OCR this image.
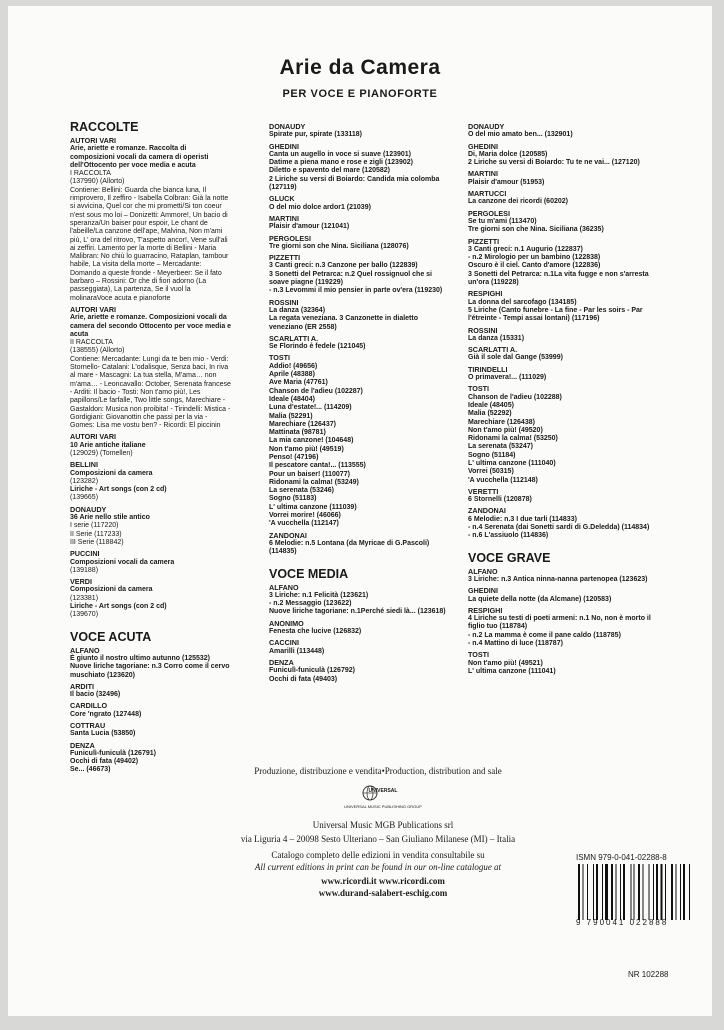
Arie da Camera
PER VOCE E PIANOFORTE
RACCOLTE
AUTORI VARI
Arie, ariette e romanze. Raccolta di composizioni vocali da camera di operisti dell'Ottocento per voce media e acuta
I RACCOLTA
(137990) (Allorto)
Contiene: Bellini: Guarda che bianca luna, Il rimprovero, Il zeffiro - Isabella Colbran: Già la notte si avvicina, Quel cor che mi prometti/Si ton coeur n'est sous mo loi – Donizetti: Ammore!, Un bacio di speranza/Un baiser pour espoir, Le chant de l'abeille/La canzone dell'ape, Malvina, Non m'ami più, L' ora del ritrovo, T'aspetto ancor!, Vene sull'ali ai zeffiri. Lamento per la morte di Bellini - Maria Malibran: No chiù lo guarracino, Rataplan, tambour habile, La visita della morte – Mercadante: Domando a queste fronde - Meyerbeer: Se il fato barbaro – Rossini: Or che di fiori adorno (La passeggiata), La partenza, Se il vuol la molinaraVoce acuta e pianoforte
AUTORI VARI
Arie, ariette e romanze. Composizioni vocali da camera del secondo Ottocento per voce media e acuta
II RACCOLTA
(138555) (Allorto)
Contiene: Mercadante: Lungi da te ben mio - Verdi: Stornello- Catalani: L'odalisque, Senza baci, In riva al mare - Mascagni: La tua stella, M'ama… non m'ama… - Leoncavallo: October, Serenata francese - Arditi: Il bacio - Tosti: Non t'amo più!, Les papillons/Le farfalle, Two little songs, Marechiare - Gastaldon: Musica non proibita! - Tirindelli: Mistica - Gordigiani: Giovanottin che passi per la via - Gomes: Lisa me vostu ben? - Ricordi: El piccinin
AUTORI VARI
10 Arie antiche italiane
(129029) (Tomellen)
BELLINI
Composizioni da camera
(123282)
Liriche - Art songs (con 2 cd)
(139665)
DONAUDY
36 Arie nello stile antico
I serie (117220)
II Serie (117233)
III Serie (118842)
PUCCINI
Composizioni vocali da camera
(139188)
VERDI
Composizioni da camera
(123381)
Liriche - Art songs (con 2 cd)
(139670)
VOCE ACUTA
ALFANO
È giunto il nostro ultimo autunno (125532)
Nuove liriche tagoriane: n.3 Corro come il cervo muschiato (123620)
ARDITI
Il bacio (32496)
CARDILLO
Core 'ngrato (127448)
COTTRAU
Santa Lucia (53850)
DENZA
Funiculì-funiculà (126791)
Occhi di fata (49402)
Se... (46673)
DONAUDY
Spirate pur, spirate (133118)
GHEDINI
Canta un augello in voce si suave (123901)
Datime a piena mano e rose e zigli (123902)
Diletto e spavento del mare (120582)
2 Liriche su versi di Boiardo: Candida mia colomba (127119)
GLUCK
O del mio dolce ardor1 (21039)
MARTINI
Plaisir d'amour (121041)
PERGOLESI
Tre giorni son che Nina. Siciliana (128076)
PIZZETTI
3 Canti greci: n.3 Canzone per ballo (122839)
3 Sonetti del Petrarca: n.2 Quel rossignuol che si soave piagne (119229)
- n.3 Levommi il mio pensier in parte ov'era (119230)
ROSSINI
La danza (32364)
La regata veneziana. 3 Canzonette in dialetto veneziano (ER 2558)
SCARLATTI A.
Se Florindo è fedele (121045)
TOSTI
Addio! (49656)
Aprile (48388)
Ave Maria (47761)
Chanson de l'adieu (102287)
Ideale (48404)
Luna d'estate!... (114209)
Malia (52291)
Marechiare (126437)
Mattinata (98781)
La mia canzone! (104648)
Non t'amo più! (49519)
Penso! (47196)
Il pescatore canta!... (113555)
Pour un baiser! (110077)
Ridonami la calma! (53249)
La serenata (53246)
Sogno (51183)
L' ultima canzone (111039)
Vorrei morire! (46066)
'A vucchella (112147)
ZANDONAI
6 Melodie: n.5 Lontana (da Myricae di G.Pascoli) (114835)
VOCE MEDIA
ALFANO
3 Liriche: n.1 Felicità (123621)
- n.2 Messaggio (123622)
Nuove liriche tagoriane: n.1Perché siedi là... (123618)
ANONIMO
Fenesta che lucive (126832)
CACCINI
Amarilli (113448)
DENZA
Funiculì-funiculà (126792)
Occhi di fata (49403)
DONAUDY
O del mio amato ben... (132901)
GHEDINI
Di, Maria dolce (120585)
2 Liriche su versi di Boiardo: Tu te ne vai... (127120)
MARTINI
Plaisir d'amour (51953)
MARTUCCI
La canzone dei ricordi (60202)
PERGOLESI
Se tu m'ami (113470)
Tre giorni son che Nina. Siciliana (36235)
PIZZETTI
3 Canti greci: n.1 Augurio (122837)
- n.2 Mirologio per un bambino (122838)
Oscuro è il ciel. Canto d'amore (122836)
3 Sonetti del Petrarca: n.1La vita fugge e non s'arresta un'ora (119228)
RESPIGHI
La donna del sarcofago (134185)
5 Liriche (Canto funebre - La fine - Par les soirs - Par l'étreinte - Tempi assai lontani) (117196)
ROSSINI
La danza (15331)
SCARLATTI A.
Già il sole dal Gange (53999)
TIRINDELLI
O primavera!... (111029)
TOSTI
Chanson de l'adieu (102288)
Ideale (48405)
Malia (52292)
Marechiare (126438)
Non t'amo più! (49520)
Ridonami la calma! (53250)
La serenata (53247)
Sogno (51184)
L' ultima canzone (111040)
Vorrei (50315)
'A vucchella (112148)
VERETTI
6 Stornelli (120878)
ZANDONAI
6 Melodie: n.3 I due tarli (114833)
- n.4 Serenata (dai Sonetti sardi di G.Deledda) (114834)
- n.6 L'assiuolo (114836)
VOCE GRAVE
ALFANO
3 Liriche: n.3 Antica ninna-nanna partenopea (123623)
GHEDINI
La quiete della notte (da Alcmane) (120583)
RESPIGHI
4 Liriche su testi di poeti armeni: n.1 No, non è morto il figlio tuo (118784)
- n.2 La mamma è come il pane caldo (118785)
- n.4 Mattino di luce (118787)
TOSTI
Non t'amo più! (49521)
L' ultima canzone (111041)
Produzione, distribuzione e vendita•Production, distribution and sale
UNIVERSAL
UNIVERSAL MUSIC PUBLISHING GROUP
Universal Music MGB Publications srl
via Liguria 4 – 20098 Sesto Ulteriano – San Giuliano Milanese (MI) – Italia
Catalogo completo delle edizioni in vendita consultabile su
All current editions in print can be found in our on-line catalogue at
www.ricordi.it www.ricordi.com
www.durand-salabert-eschig.com
ISMN 979-0-041-02288-8
9 790041 022888
NR 102288
